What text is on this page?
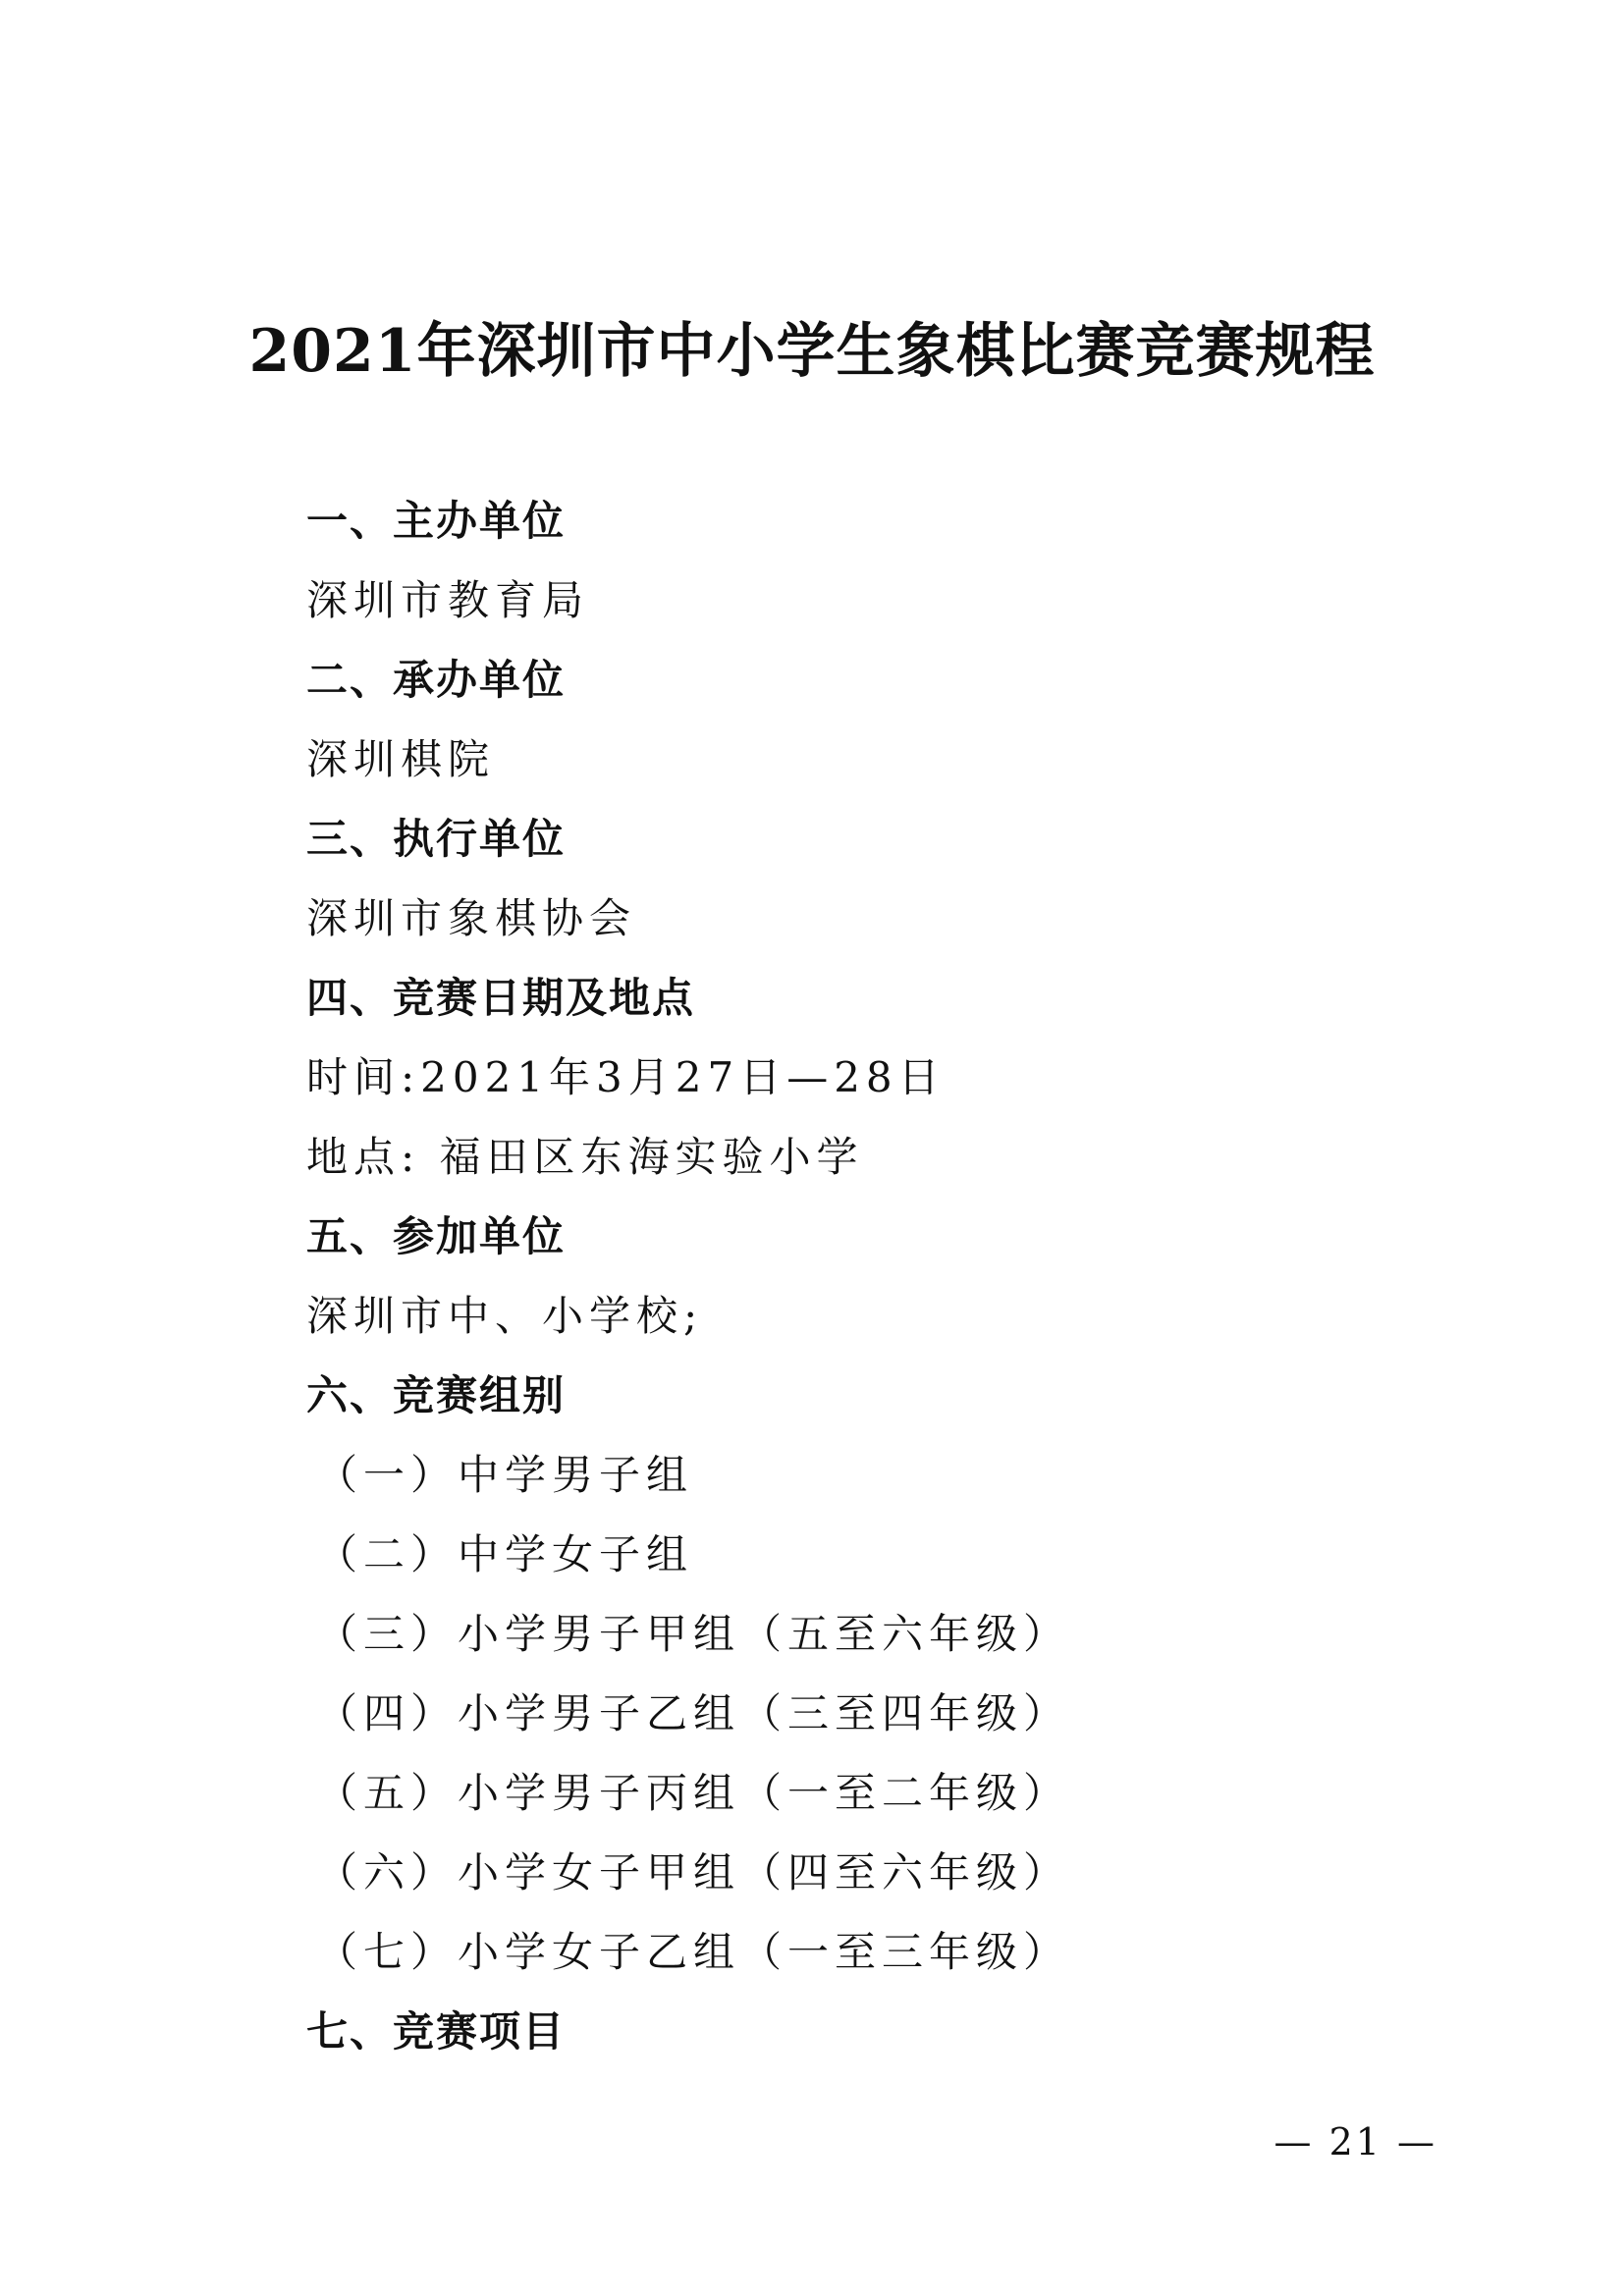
2021年深圳市中小学生象棋比赛竞赛规程

一、主办单位

深圳市教育局

二、承办单位

深圳棋院

三、执行单位

深圳市象棋协会

四、竞赛日期及地点

时间:2021年3月27日—28日

地点: 福田区东海实验小学

五、参加单位

深圳市中、小学校;

六、竞赛组别

（一）中学男子组

（二）中学女子组

（三）小学男子甲组（五至六年级）

（四）小学男子乙组（三至四年级）

（五）小学男子丙组（一至二年级）

（六）小学女子甲组（四至六年级）

（七）小学女子乙组（一至三年级）

七、竞赛项目

— 21 —
